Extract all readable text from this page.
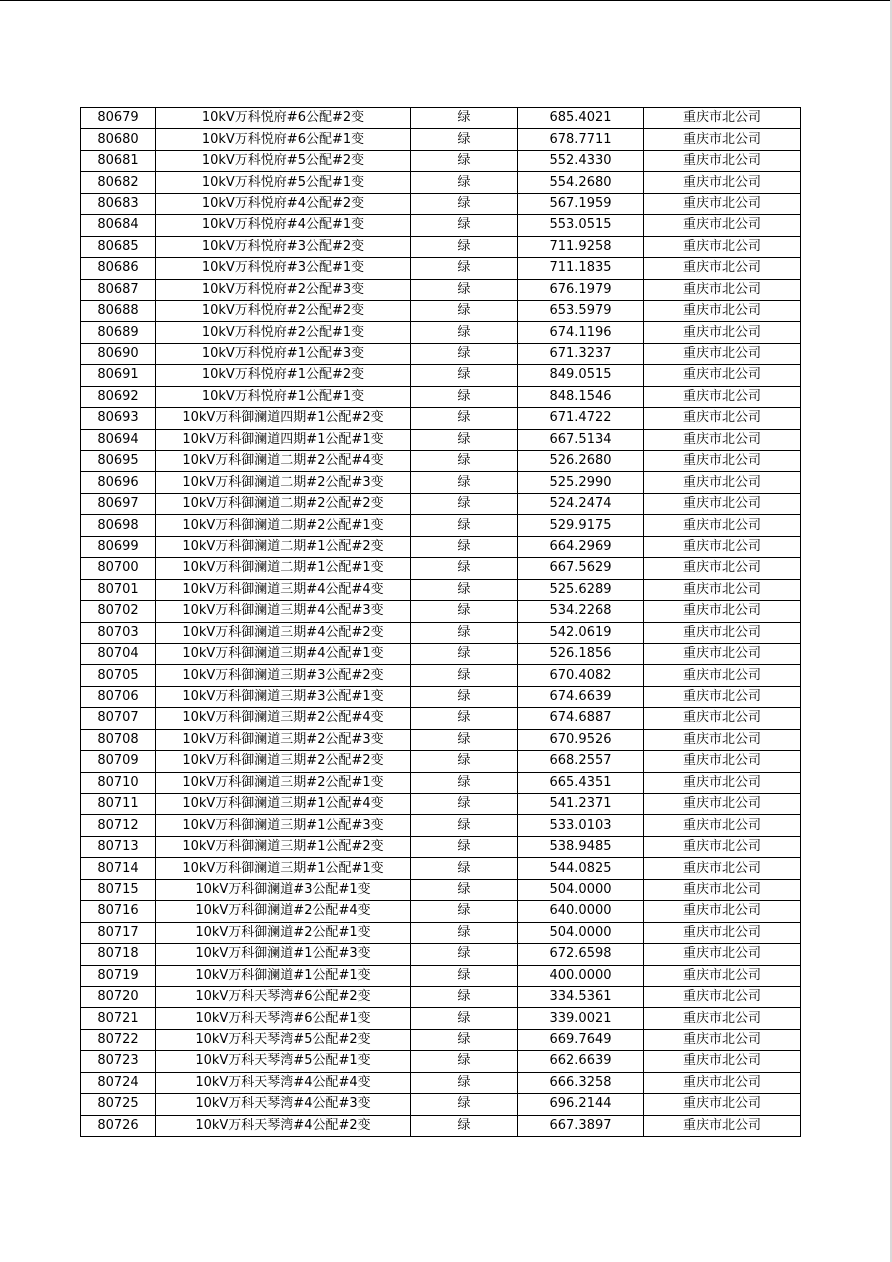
80679	10kV万科悦府#6公配#2变	绿	685.4021	重庆市北公司
80680	10kV万科悦府#6公配#1变	绿	678.7711	重庆市北公司
80681	10kV万科悦府#5公配#2变	绿	552.4330	重庆市北公司
80682	10kV万科悦府#5公配#1变	绿	554.2680	重庆市北公司
80683	10kV万科悦府#4公配#2变	绿	567.1959	重庆市北公司
80684	10kV万科悦府#4公配#1变	绿	553.0515	重庆市北公司
80685	10kV万科悦府#3公配#2变	绿	711.9258	重庆市北公司
80686	10kV万科悦府#3公配#1变	绿	711.1835	重庆市北公司
80687	10kV万科悦府#2公配#3变	绿	676.1979	重庆市北公司
80688	10kV万科悦府#2公配#2变	绿	653.5979	重庆市北公司
80689	10kV万科悦府#2公配#1变	绿	674.1196	重庆市北公司
80690	10kV万科悦府#1公配#3变	绿	671.3237	重庆市北公司
80691	10kV万科悦府#1公配#2变	绿	849.0515	重庆市北公司
80692	10kV万科悦府#1公配#1变	绿	848.1546	重庆市北公司
80693	10kV万科御澜道四期#1公配#2变	绿	671.4722	重庆市北公司
80694	10kV万科御澜道四期#1公配#1变	绿	667.5134	重庆市北公司
80695	10kV万科御澜道二期#2公配#4变	绿	526.2680	重庆市北公司
80696	10kV万科御澜道二期#2公配#3变	绿	525.2990	重庆市北公司
80697	10kV万科御澜道二期#2公配#2变	绿	524.2474	重庆市北公司
80698	10kV万科御澜道二期#2公配#1变	绿	529.9175	重庆市北公司
80699	10kV万科御澜道二期#1公配#2变	绿	664.2969	重庆市北公司
80700	10kV万科御澜道二期#1公配#1变	绿	667.5629	重庆市北公司
80701	10kV万科御澜道三期#4公配#4变	绿	525.6289	重庆市北公司
80702	10kV万科御澜道三期#4公配#3变	绿	534.2268	重庆市北公司
80703	10kV万科御澜道三期#4公配#2变	绿	542.0619	重庆市北公司
80704	10kV万科御澜道三期#4公配#1变	绿	526.1856	重庆市北公司
80705	10kV万科御澜道三期#3公配#2变	绿	670.4082	重庆市北公司
80706	10kV万科御澜道三期#3公配#1变	绿	674.6639	重庆市北公司
80707	10kV万科御澜道三期#2公配#4变	绿	674.6887	重庆市北公司
80708	10kV万科御澜道三期#2公配#3变	绿	670.9526	重庆市北公司
80709	10kV万科御澜道三期#2公配#2变	绿	668.2557	重庆市北公司
80710	10kV万科御澜道三期#2公配#1变	绿	665.4351	重庆市北公司
80711	10kV万科御澜道三期#1公配#4变	绿	541.2371	重庆市北公司
80712	10kV万科御澜道三期#1公配#3变	绿	533.0103	重庆市北公司
80713	10kV万科御澜道三期#1公配#2变	绿	538.9485	重庆市北公司
80714	10kV万科御澜道三期#1公配#1变	绿	544.0825	重庆市北公司
80715	10kV万科御澜道#3公配#1变	绿	504.0000	重庆市北公司
80716	10kV万科御澜道#2公配#4变	绿	640.0000	重庆市北公司
80717	10kV万科御澜道#2公配#1变	绿	504.0000	重庆市北公司
80718	10kV万科御澜道#1公配#3变	绿	672.6598	重庆市北公司
80719	10kV万科御澜道#1公配#1变	绿	400.0000	重庆市北公司
80720	10kV万科天琴湾#6公配#2变	绿	334.5361	重庆市北公司
80721	10kV万科天琴湾#6公配#1变	绿	339.0021	重庆市北公司
80722	10kV万科天琴湾#5公配#2变	绿	669.7649	重庆市北公司
80723	10kV万科天琴湾#5公配#1变	绿	662.6639	重庆市北公司
80724	10kV万科天琴湾#4公配#4变	绿	666.3258	重庆市北公司
80725	10kV万科天琴湾#4公配#3变	绿	696.2144	重庆市北公司
80726	10kV万科天琴湾#4公配#2变	绿	667.3897	重庆市北公司
